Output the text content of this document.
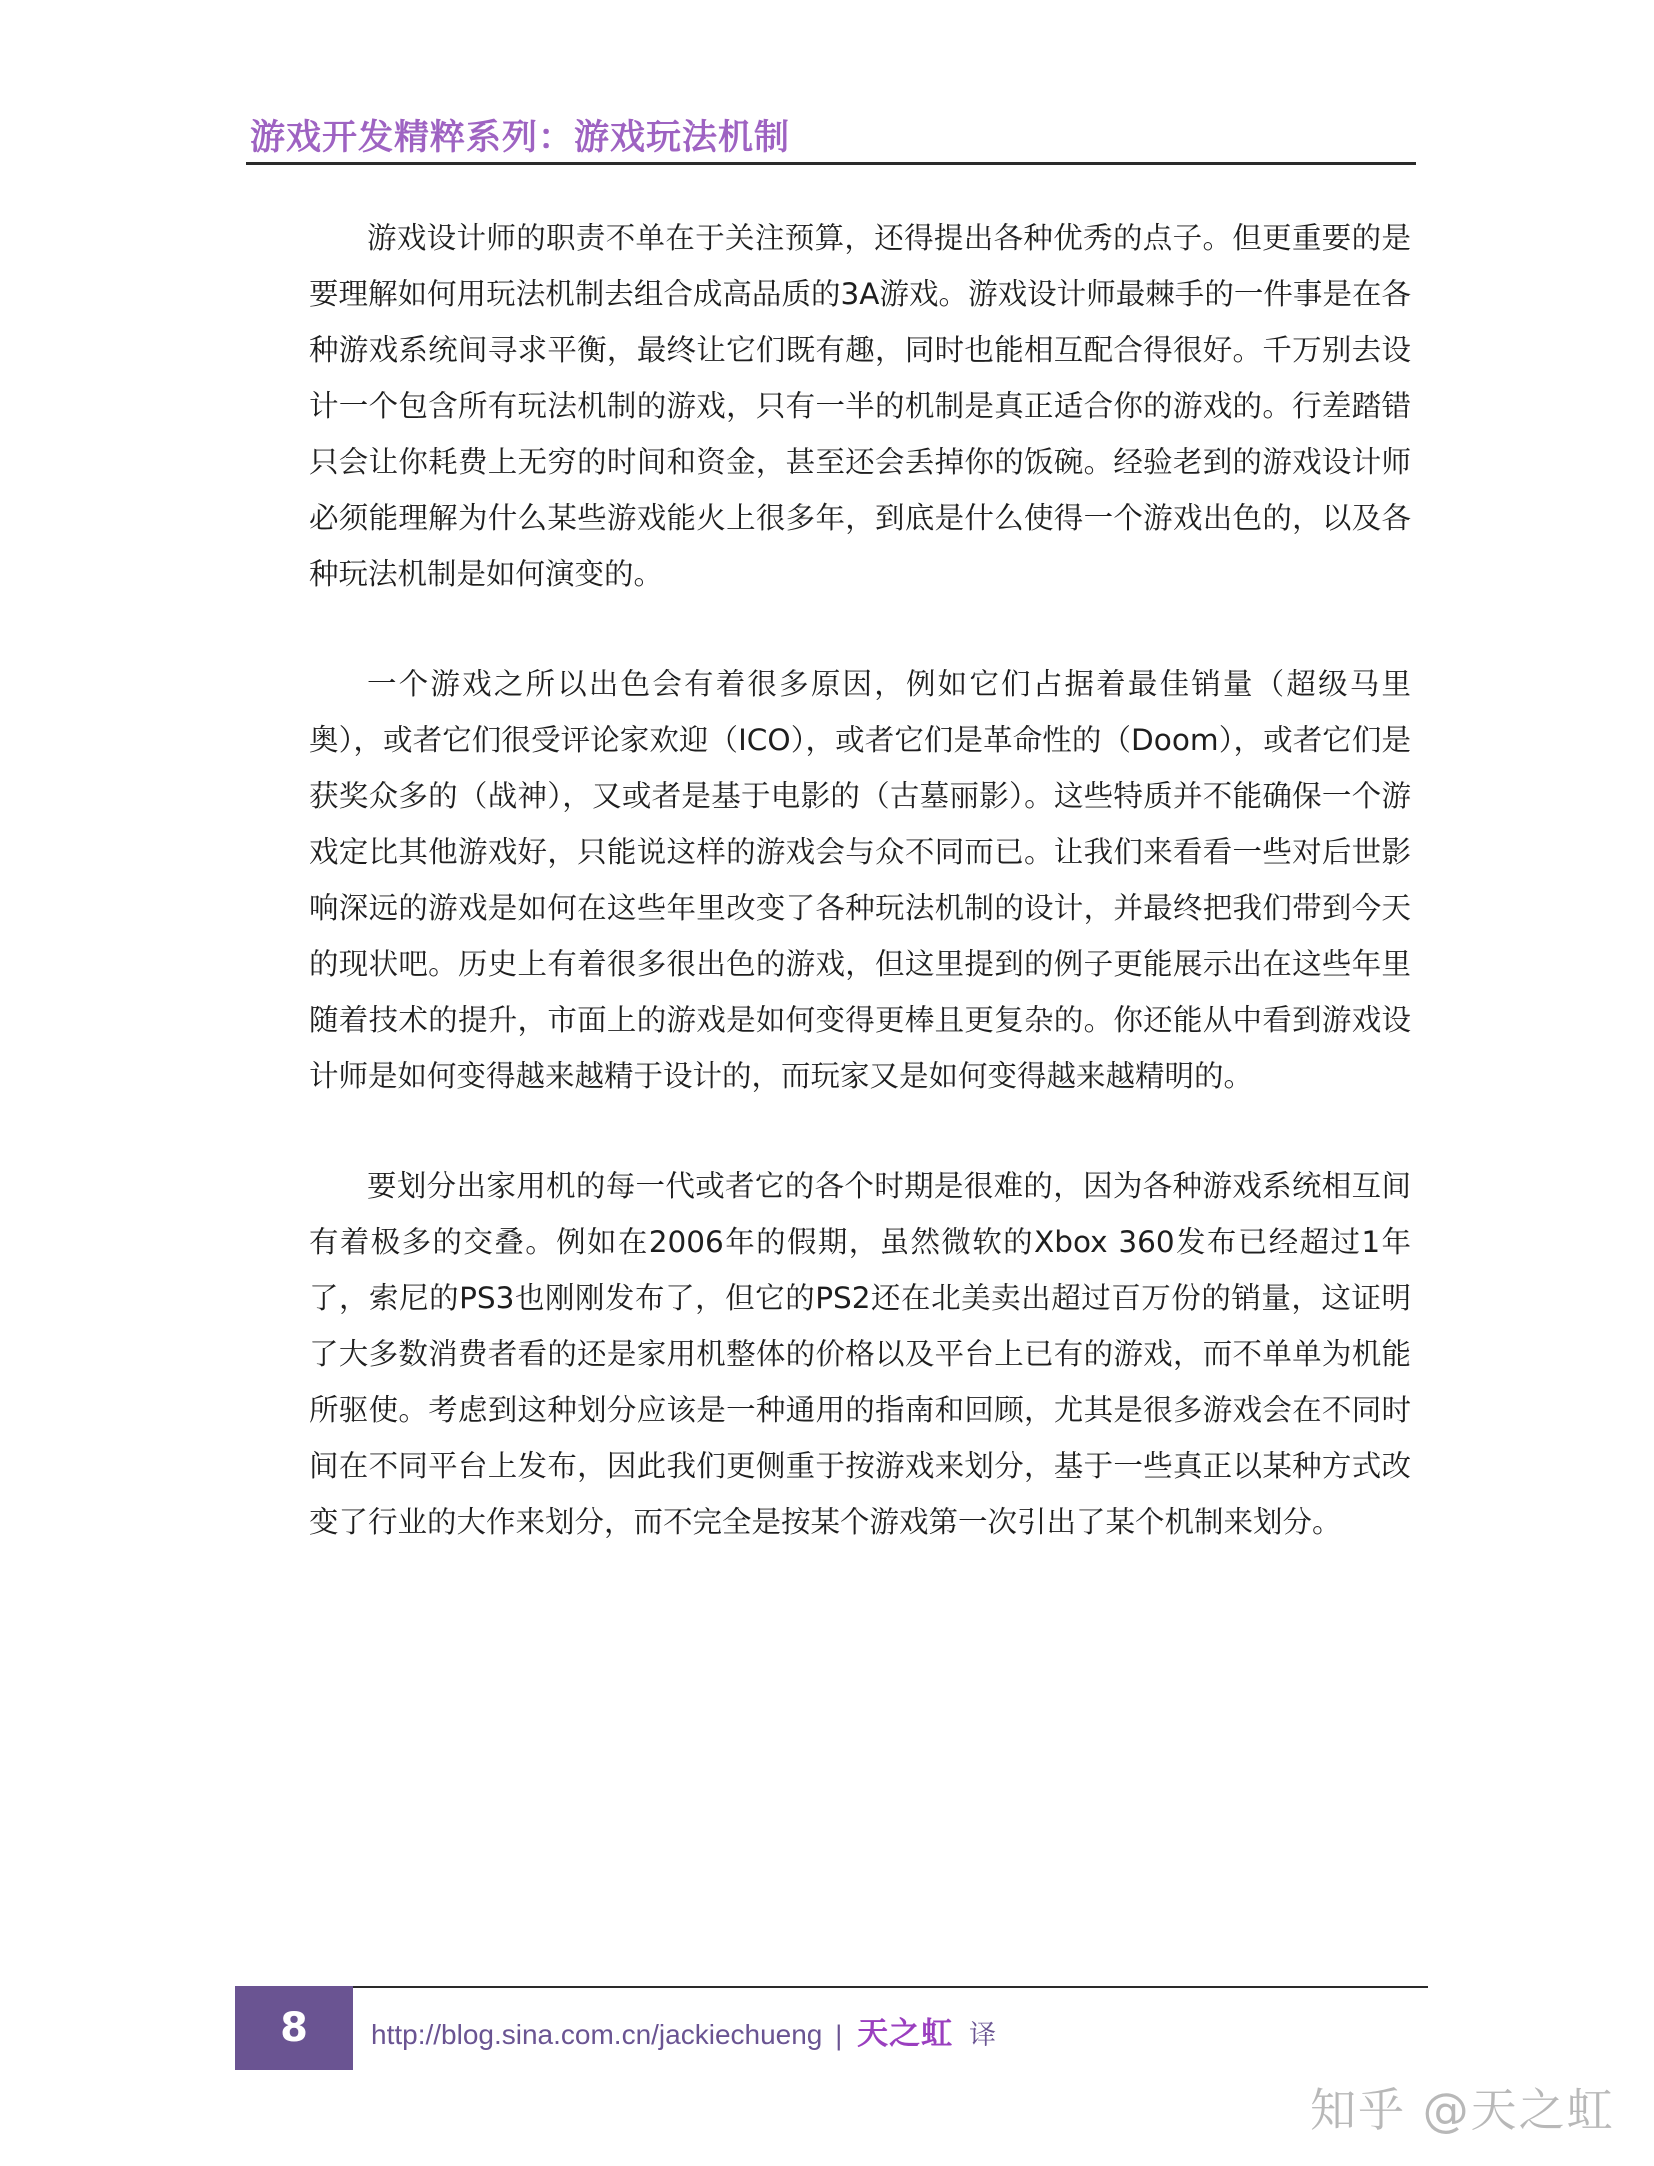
游戏开发精粹系列：游戏玩法机制

游戏设计师的职责不单在于关注预算，还得提出各种优秀的点子。但更重要的是要理解如何用玩法机制去组合成高品质的3A游戏。游戏设计师最棘手的一件事是在各种游戏系统间寻求平衡，最终让它们既有趣，同时也能相互配合得很好。千万别去设计一个包含所有玩法机制的游戏，只有一半的机制是真正适合你的游戏的。行差踏错只会让你耗费上无穷的时间和资金，甚至还会丢掉你的饭碗。经验老到的游戏设计师必须能理解为什么某些游戏能火上很多年，到底是什么使得一个游戏出色的，以及各种玩法机制是如何演变的。

一个游戏之所以出色会有着很多原因，例如它们占据着最佳销量（超级马里奥），或者它们很受评论家欢迎（ICO），或者它们是革命性的（Doom），或者它们是获奖众多的（战神），又或者是基于电影的（古墓丽影）。这些特质并不能确保一个游戏定比其他游戏好，只能说这样的游戏会与众不同而已。让我们来看看一些对后世影响深远的游戏是如何在这些年里改变了各种玩法机制的设计，并最终把我们带到今天的现状吧。历史上有着很多很出色的游戏，但这里提到的例子更能展示出在这些年里随着技术的提升，市面上的游戏是如何变得更棒且更复杂的。你还能从中看到游戏设计师是如何变得越来越精于设计的，而玩家又是如何变得越来越精明的。

要划分出家用机的每一代或者它的各个时期是很难的，因为各种游戏系统相互间有着极多的交叠。例如在2006年的假期，虽然微软的Xbox 360发布已经超过1年了，索尼的PS3也刚刚发布了，但它的PS2还在北美卖出超过百万份的销量，这证明了大多数消费者看的还是家用机整体的价格以及平台上已有的游戏，而不单单为机能所驱使。考虑到这种划分应该是一种通用的指南和回顾，尤其是很多游戏会在不同时间在不同平台上发布，因此我们更侧重于按游戏来划分，基于一些真正以某种方式改变了行业的大作来划分，而不完全是按某个游戏第一次引出了某个机制来划分。

8 http://blog.sina.com.cn/jackiechueng | 天之虹 译
知乎 @天之虹
